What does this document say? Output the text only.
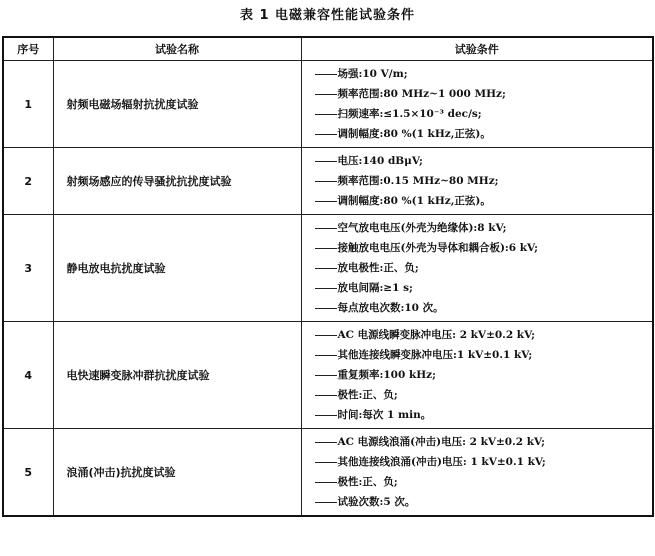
表 1 电磁兼容性能试验条件
序号	试验名称	试验条件
1	射频电磁场辐射抗扰度试验	场强:10 V/m;
频率范围:80 MHz~1 000 MHz;
扫频速率:≤1.5×10⁻³ dec/s;
调制幅度:80 %(1 kHz,正弦)。

2	射频场感应的传导骚扰抗扰度试验	电压:140 dBμV;
频率范围:0.15 MHz~80 MHz;
调制幅度:80 %(1 kHz,正弦)。

3	静电放电抗扰度试验	空气放电电压(外壳为绝缘体):8 kV;
接触放电电压(外壳为导体和耦合板):6 kV;
放电极性:正、负;
放电间隔:≥1 s;
每点放电次数:10 次。

4	电快速瞬变脉冲群抗扰度试验	AC 电源线瞬变脉冲电压: 2 kV±0.2 kV;
其他连接线瞬变脉冲电压:1 kV±0.1 kV;
重复频率:100 kHz;
极性:正、负;
时间:每次 1 min。

5	浪涌(冲击)抗扰度试验	AC 电源线浪涌(冲击)电压: 2 kV±0.2 kV;
其他连接线浪涌(冲击)电压: 1 kV±0.1 kV;
极性:正、负;
试验次数:5 次。
